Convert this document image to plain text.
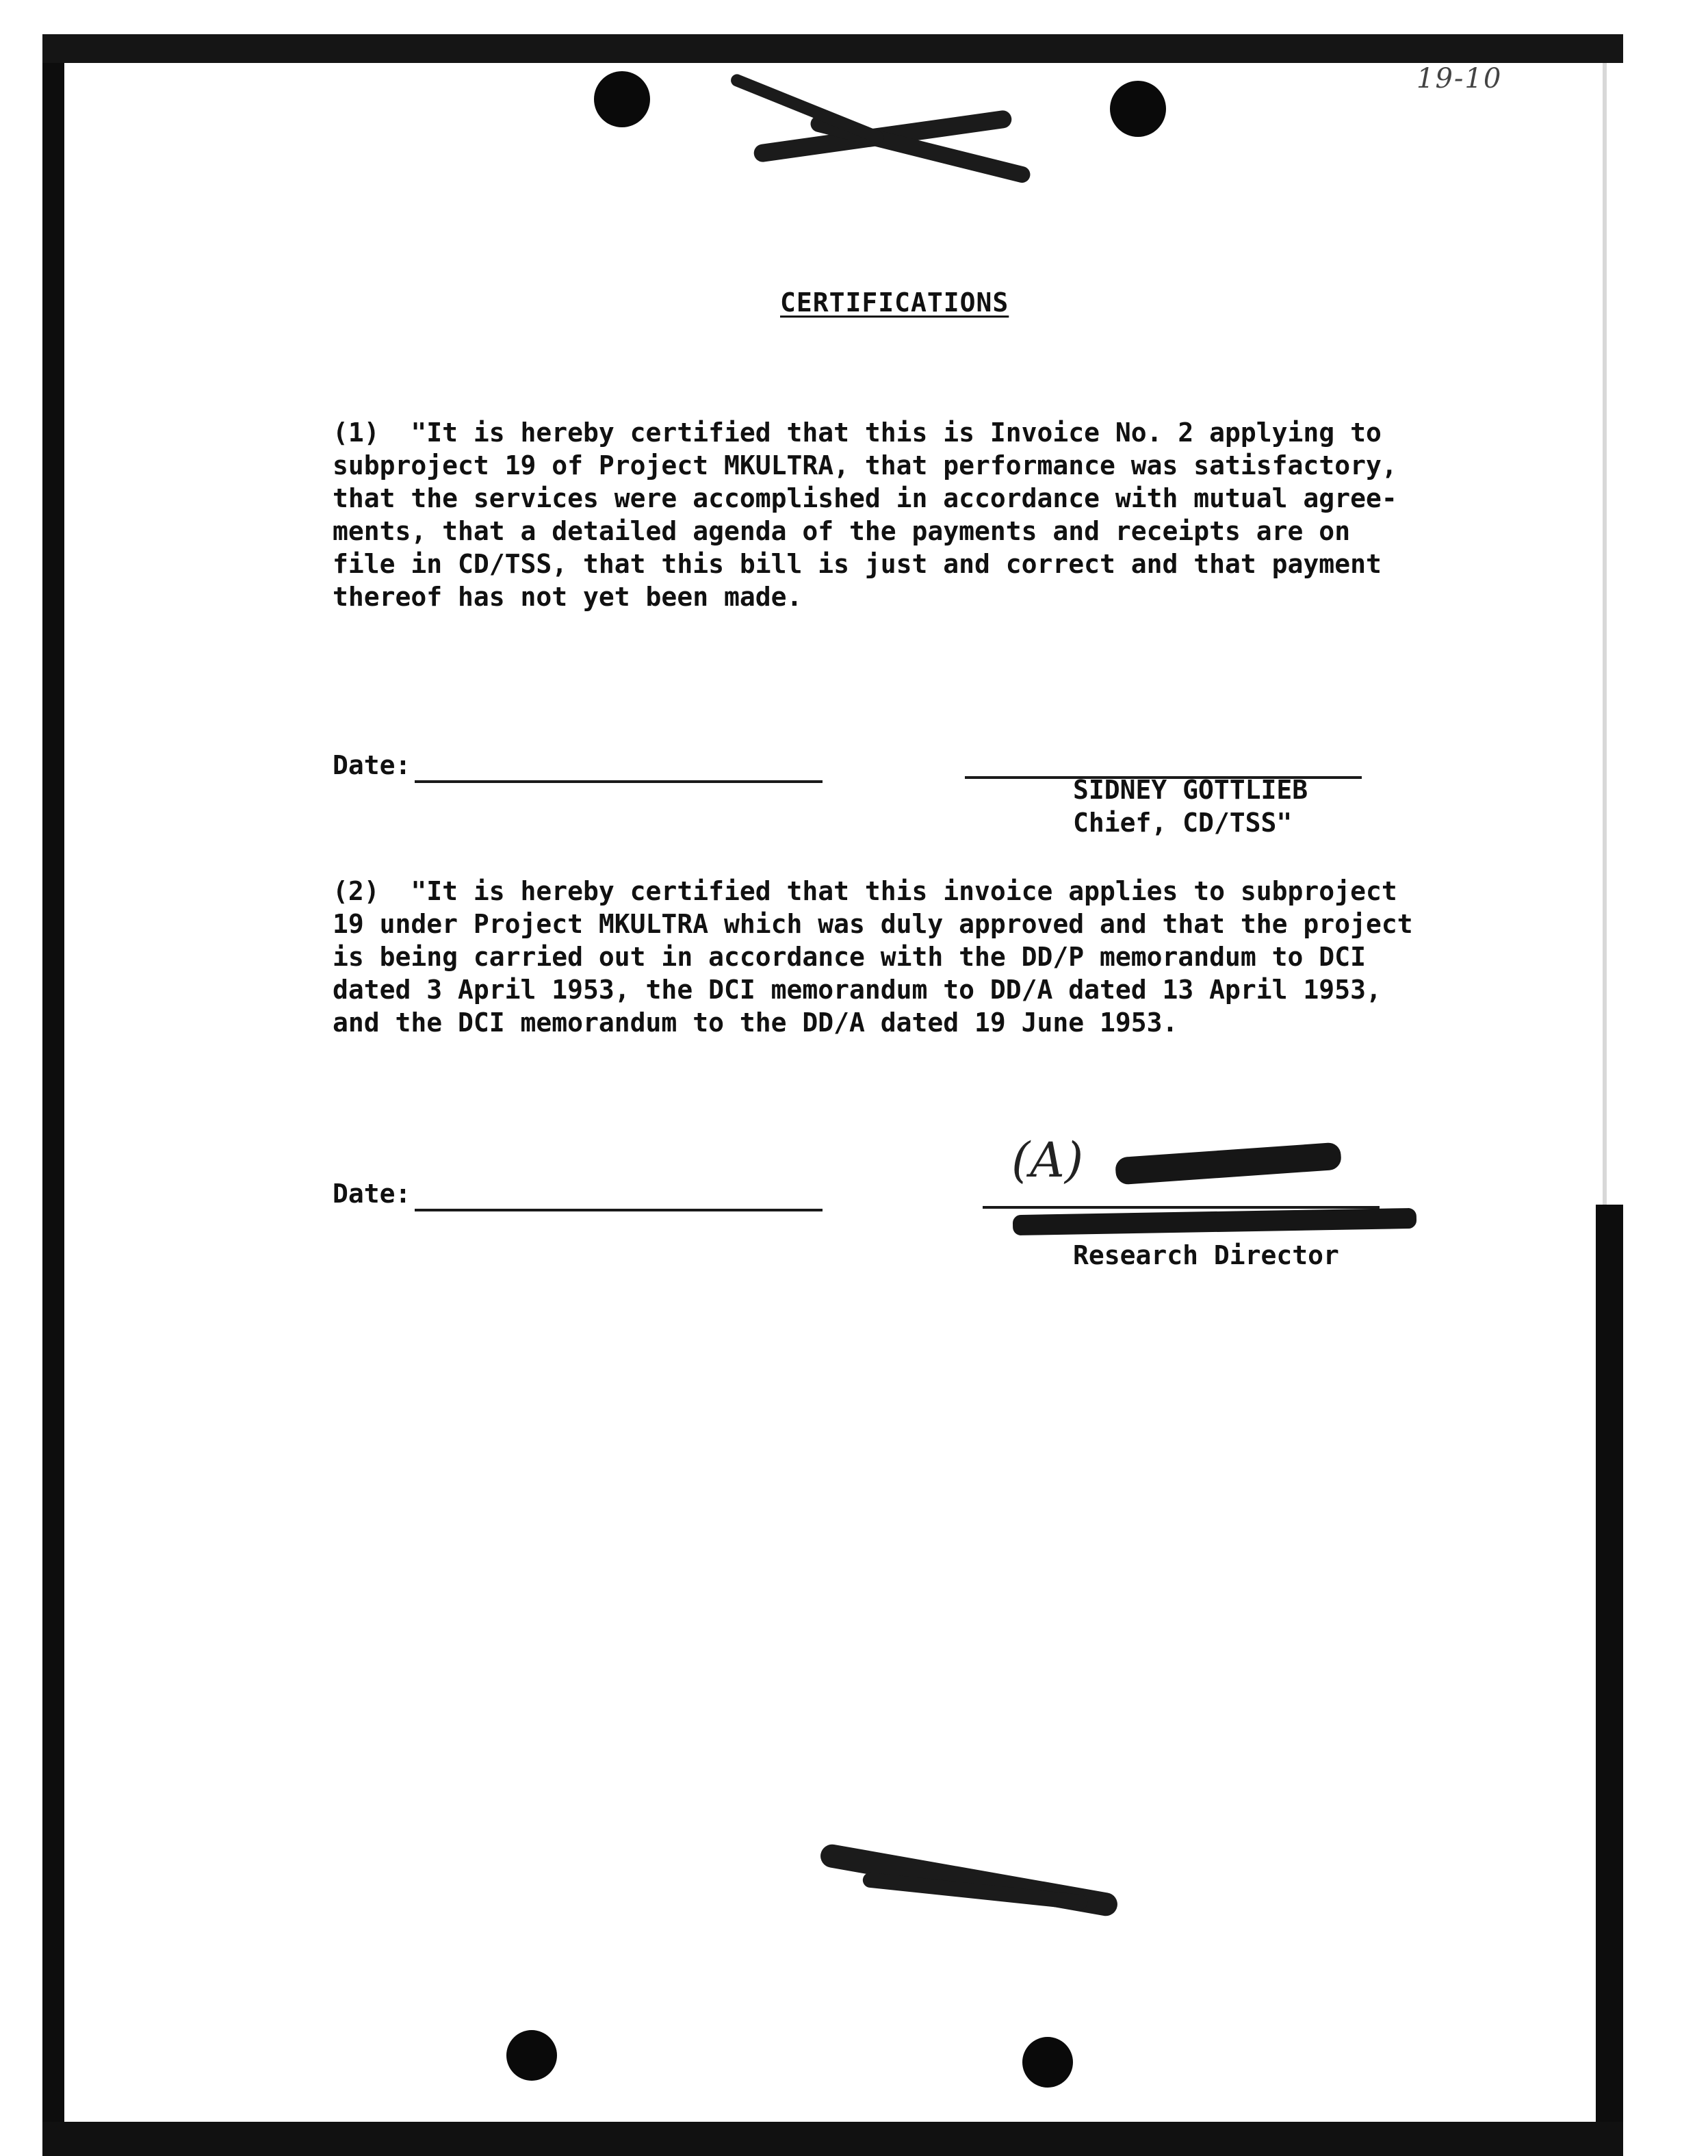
19-10
CERTIFICATIONS
(1)  "It is hereby certified that this is Invoice No. 2 applying to
subproject 19 of Project MKULTRA, that performance was satisfactory,
that the services were accomplished in accordance with mutual agree-
ments, that a detailed agenda of the payments and receipts are on
file in CD/TSS, that this bill is just and correct and that payment
thereof has not yet been made.
Date:
SIDNEY GOTTLIEB
Chief, CD/TSS"
(2)  "It is hereby certified that this invoice applies to subproject
19 under Project MKULTRA which was duly approved and that the project
is being carried out in accordance with the DD/P memorandum to DCI
dated 3 April 1953, the DCI memorandum to DD/A dated 13 April 1953,
and the DCI memorandum to the DD/A dated 19 June 1953.
(A)
Date:
Research Director
